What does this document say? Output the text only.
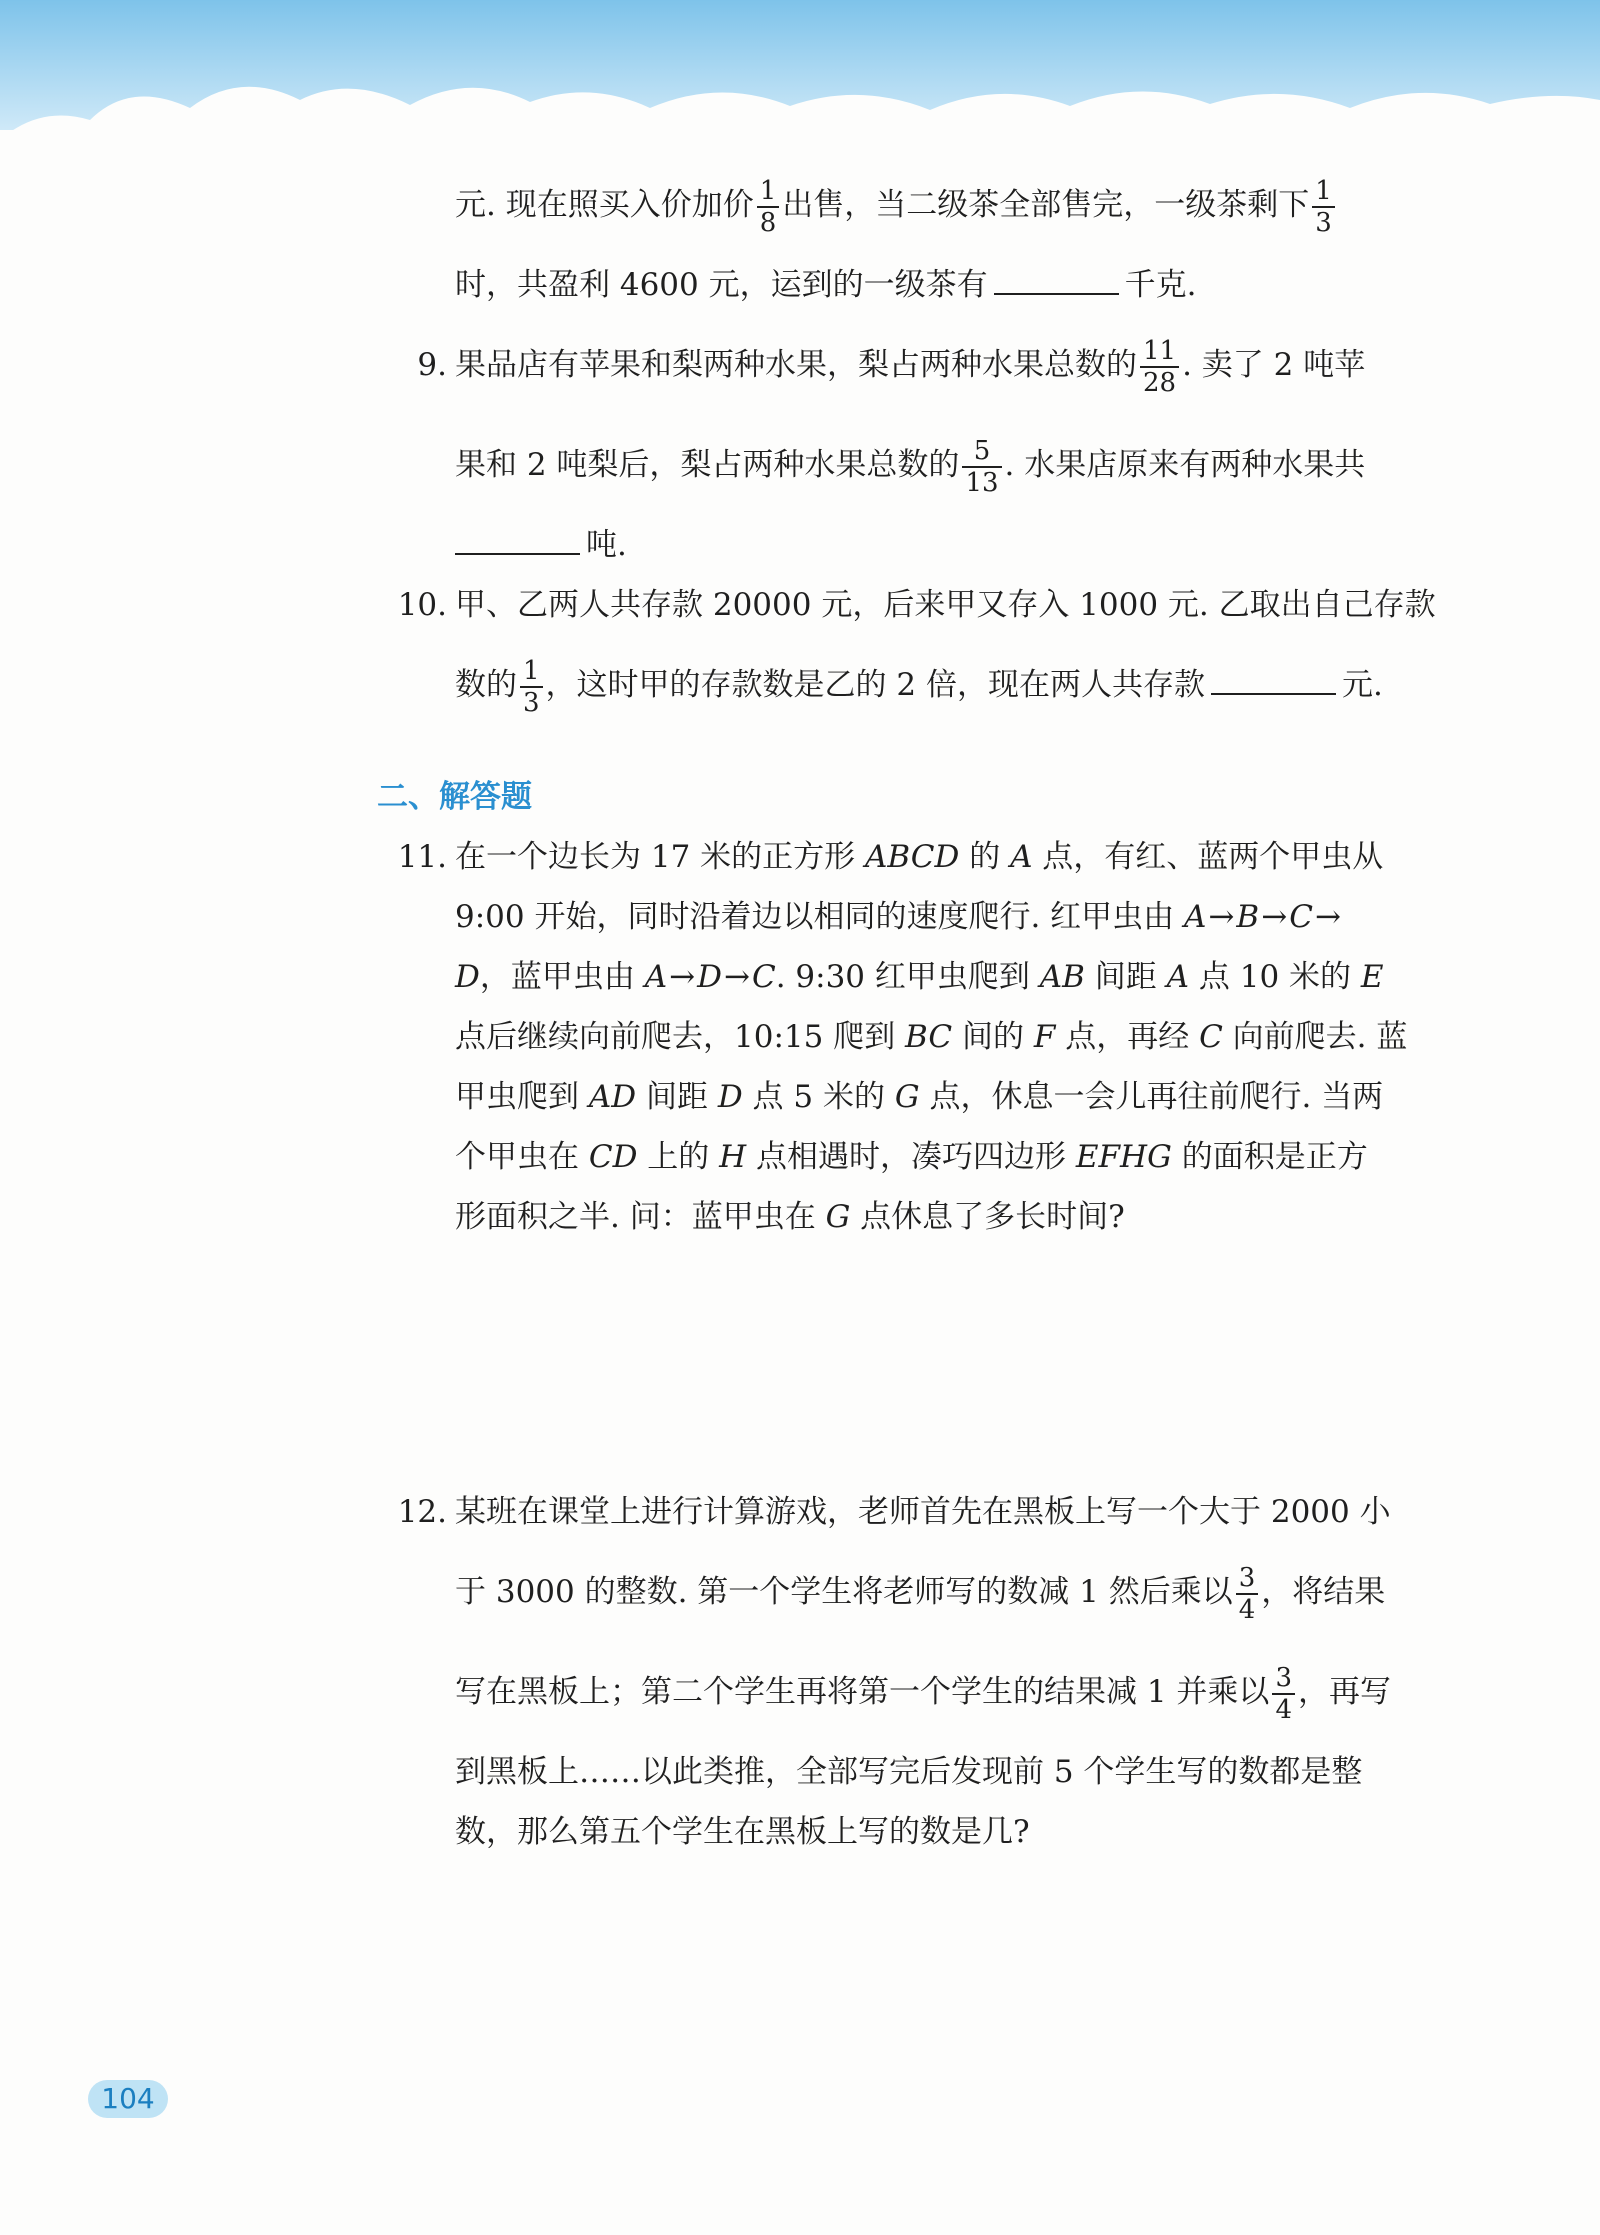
元. 现在照买入价加价 $\frac{1}{8}$ 出售，当二级茶全部售完，一级茶剩下 $\frac{1}{3}$
时，共盈利 4600 元，运到的一级茶有	千克.
9. 果品店有苹果和梨两种水果，梨占两种水果总数的 $\frac{11}{28}$ . 卖了 2 吨苹
果和 2 吨梨后，梨占两种水果总数的 $\frac{5}{13}$ . 水果店原来有两种水果共
吨.
10. 甲、乙两人共存款 20000 元，后来甲又存入 1000 元. 乙取出自己存款
数的 $\frac{1}{3}$ ，这时甲的存款数是乙的 2 倍，现在两人共存款	元.
二、解答题
11. 在一个边长为 17 米的正方形 ABCD 的 A 点，有红、蓝两个甲虫从
9:00 开始，同时沿着边以相同的速度爬行. 红甲虫由 A→B→C→
D，蓝甲虫由 A→D→C. 9:30 红甲虫爬到 AB 间距 A 点 10 米的 E
点后继续向前爬去，10:15 爬到 BC 间的 F 点，再经 C 向前爬去. 蓝
甲虫爬到 AD 间距 D 点 5 米的 G 点，休息一会儿再往前爬行. 当两
个甲虫在 CD 上的 H 点相遇时，凑巧四边形 EFHG 的面积是正方
形面积之半. 问：蓝甲虫在 G 点休息了多长时间?
12. 某班在课堂上进行计算游戏，老师首先在黑板上写一个大于 2000 小
于 3000 的整数. 第一个学生将老师写的数减 1 然后乘以 $\frac{3}{4}$ ，将结果
写在黑板上；第二个学生再将第一个学生的结果减 1 并乘以 $\frac{3}{4}$ ，再写
到黑板上……以此类推，全部写完后发现前 5 个学生写的数都是整
数，那么第五个学生在黑板上写的数是几?
104
